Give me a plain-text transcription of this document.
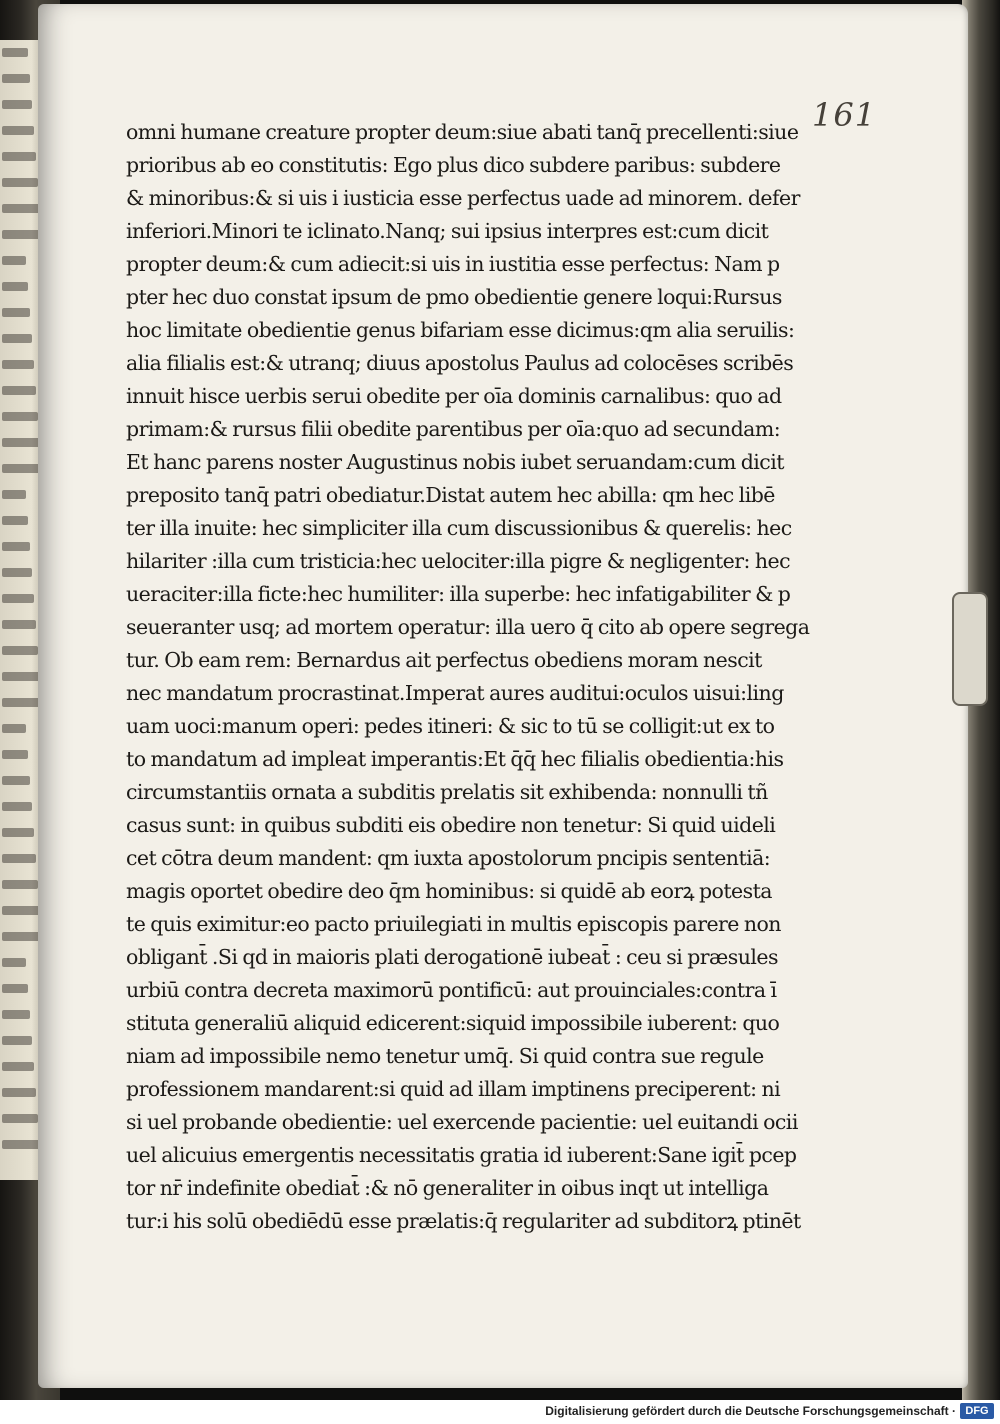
161
omni humane creature propter deum:siue abati tanq̄ precellenti:siue
prioribus ab eo constitutis: Ego plus dico subdere paribus: subdere
& minoribus:& si uis i iusticia esse perfectus uade ad minorem. defer
inferiori.Minori te iclinato.Nanq; sui ipsius interpres est:cum dicit
propter deum:& cum adiecit:si uis in iustitia esse perfectus: Nam p
pter hec duo constat ipsum de pmo obedientie genere loqui:Rursus
hoc limitate obedientie genus bifariam esse dicimus:qm alia seruilis:
alia filialis est:& utranq; diuus apostolus Paulus ad colocēses scribēs
innuit hisce uerbis serui obedite per oīa dominis carnalibus: quo ad
primam:& rursus filii obedite parentibus per oīa:quo ad secundam:
Et hanc parens noster Augustinus nobis iubet seruandam:cum dicit
preposito tanq̄ patri obediatur.Distat autem hec abilla: qm hec libē
ter illa inuite: hec simpliciter illa cum discussionibus & querelis: hec
hilariter :illa cum tristicia:hec uelociter:illa pigre & negligenter: hec
ueraciter:illa ficte:hec humiliter: illa superbe: hec infatigabiliter & p
seueranter usq; ad mortem operatur: illa uero q̄ cito ab opere segrega
tur. Ob eam rem: Bernardus ait perfectus obediens moram nescit
nec mandatum procrastinat.Imperat aures auditui:oculos uisui:ling
uam uoci:manum operi: pedes itineri: & sic to tū se colligit:ut ex to
to mandatum ad impleat imperantis:Et q̄q̄ hec filialis obedientia:his
circumstantiis ornata a subditis prelatis sit exhibenda: nonnulli tñ
casus sunt: in quibus subditi eis obedire non tenetur: Si quid uideli
cet cōtra deum mandent: qm iuxta apostolorum pncipis sententiā:
magis oportet obedire deo q̄m hominibus: si quidē ab eorꝝ potesta
te quis eximitur:eo pacto priuilegiati in multis episcopis parere non
obligant̄ .Si qd in maioris plati derogationē iubeat̄ : ceu si præsules
urbiū contra decreta maximorū pontificū: aut prouinciales:contra ī
stituta generaliū aliquid edicerent:siquid impossibile iuberent: quo
niam ad impossibile nemo tenetur umq̄. Si quid contra sue regule
professionem mandarent:si quid ad illam imptinens preciperent: ni
si uel probande obedientie: uel exercende pacientie: uel euitandi ocii
uel alicuius emergentis necessitatis gratia id iuberent:Sane igit̄ pcep
tor nr̄ indefinite obediat̄ :& nō generaliter in oibus inqt ut intelliga
tur:i his solū obediēdū esse prælatis:q̄ regulariter ad subditorꝝ ptinēt
Digitalisierung gefördert durch die Deutsche Forschungsgemeinschaft · DFG
